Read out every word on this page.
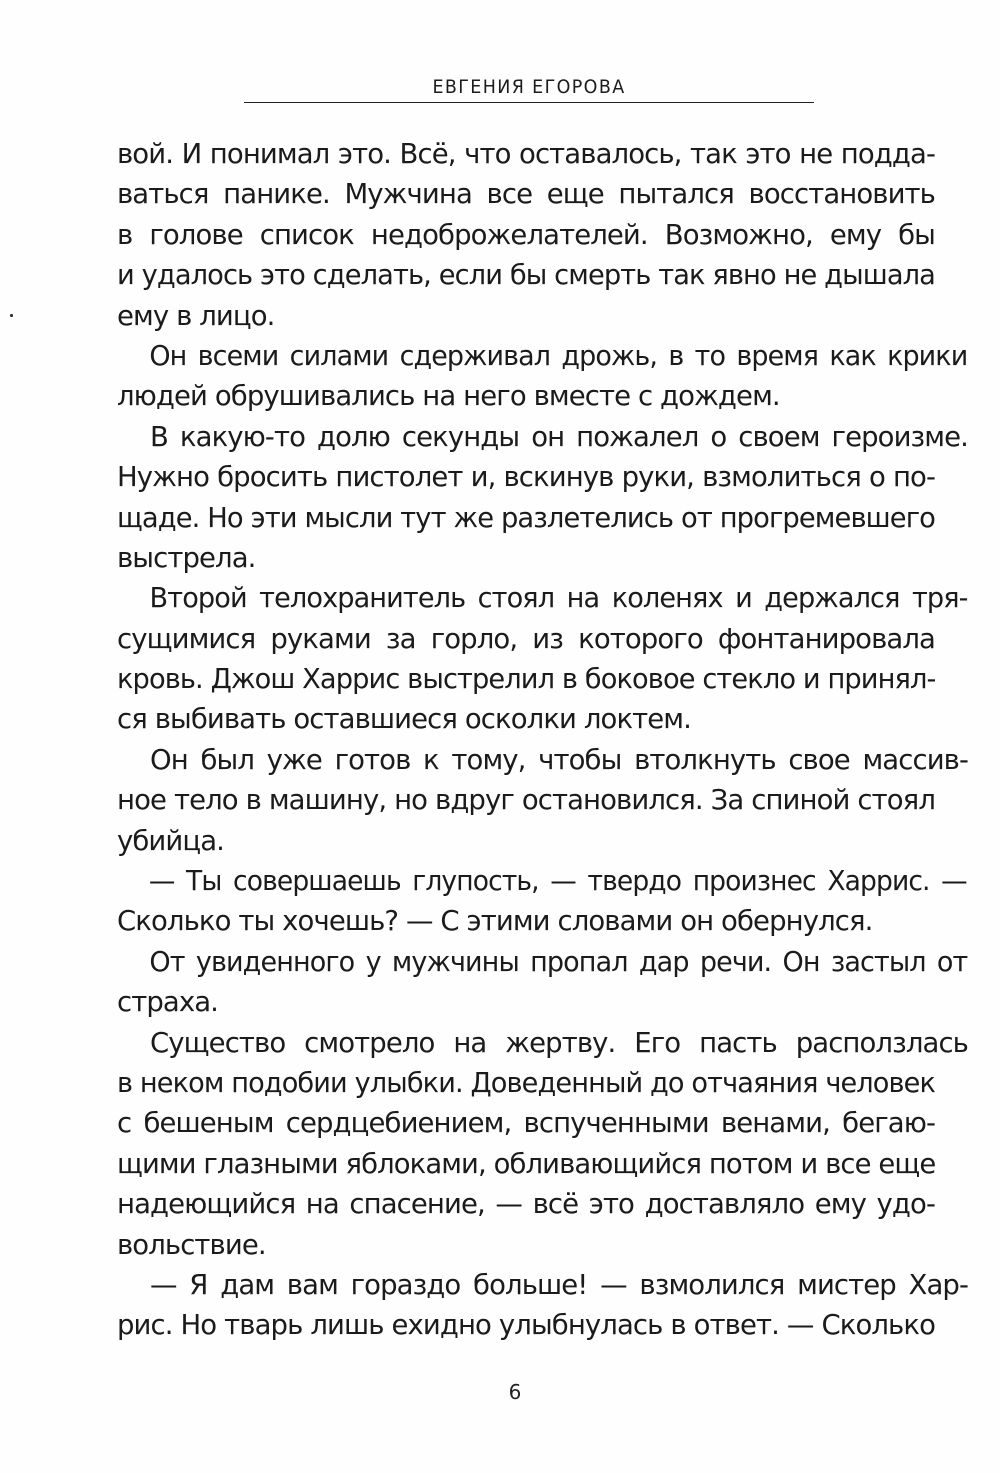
ЕВГЕНИЯ ЕГОРОВА
вой. И понимал это. Всё, что оставалось, так это не подда-
ваться панике. Мужчина все еще пытался восстановить
в голове список недоброжелателей. Возможно, ему бы
и удалось это сделать, если бы смерть так явно не дышала
ему в лицо.
Он всеми силами сдерживал дрожь, в то время как крики
людей обрушивались на него вместе с дождем.
В какую-то долю секунды он пожалел о своем героизме.
Нужно бросить пистолет и, вскинув руки, взмолиться о по-
щаде. Но эти мысли тут же разлетелись от прогремевшего
выстрела.
Второй телохранитель стоял на коленях и держался тря-
сущимися руками за горло, из которого фонтанировала
кровь. Джош Харрис выстрелил в боковое стекло и принял-
ся выбивать оставшиеся осколки локтем.
Он был уже готов к тому, чтобы втолкнуть свое массив-
ное тело в машину, но вдруг остановился. За спиной стоял
убийца.
— Ты совершаешь глупость, — твердо произнес Харрис. —
Сколько ты хочешь? — С этими словами он обернулся.
От увиденного у мужчины пропал дар речи. Он застыл от
страха.
Существо смотрело на жертву. Его пасть расползлась
в неком подобии улыбки. Доведенный до отчаяния человек
с бешеным сердцебиением, вспученными венами, бегаю-
щими глазными яблоками, обливающийся потом и все еще
надеющийся на спасение, — всё это доставляло ему удо-
вольствие.
— Я дам вам гораздо больше! — взмолился мистер Хар-
рис. Но тварь лишь ехидно улыбнулась в ответ. — Сколько
6
